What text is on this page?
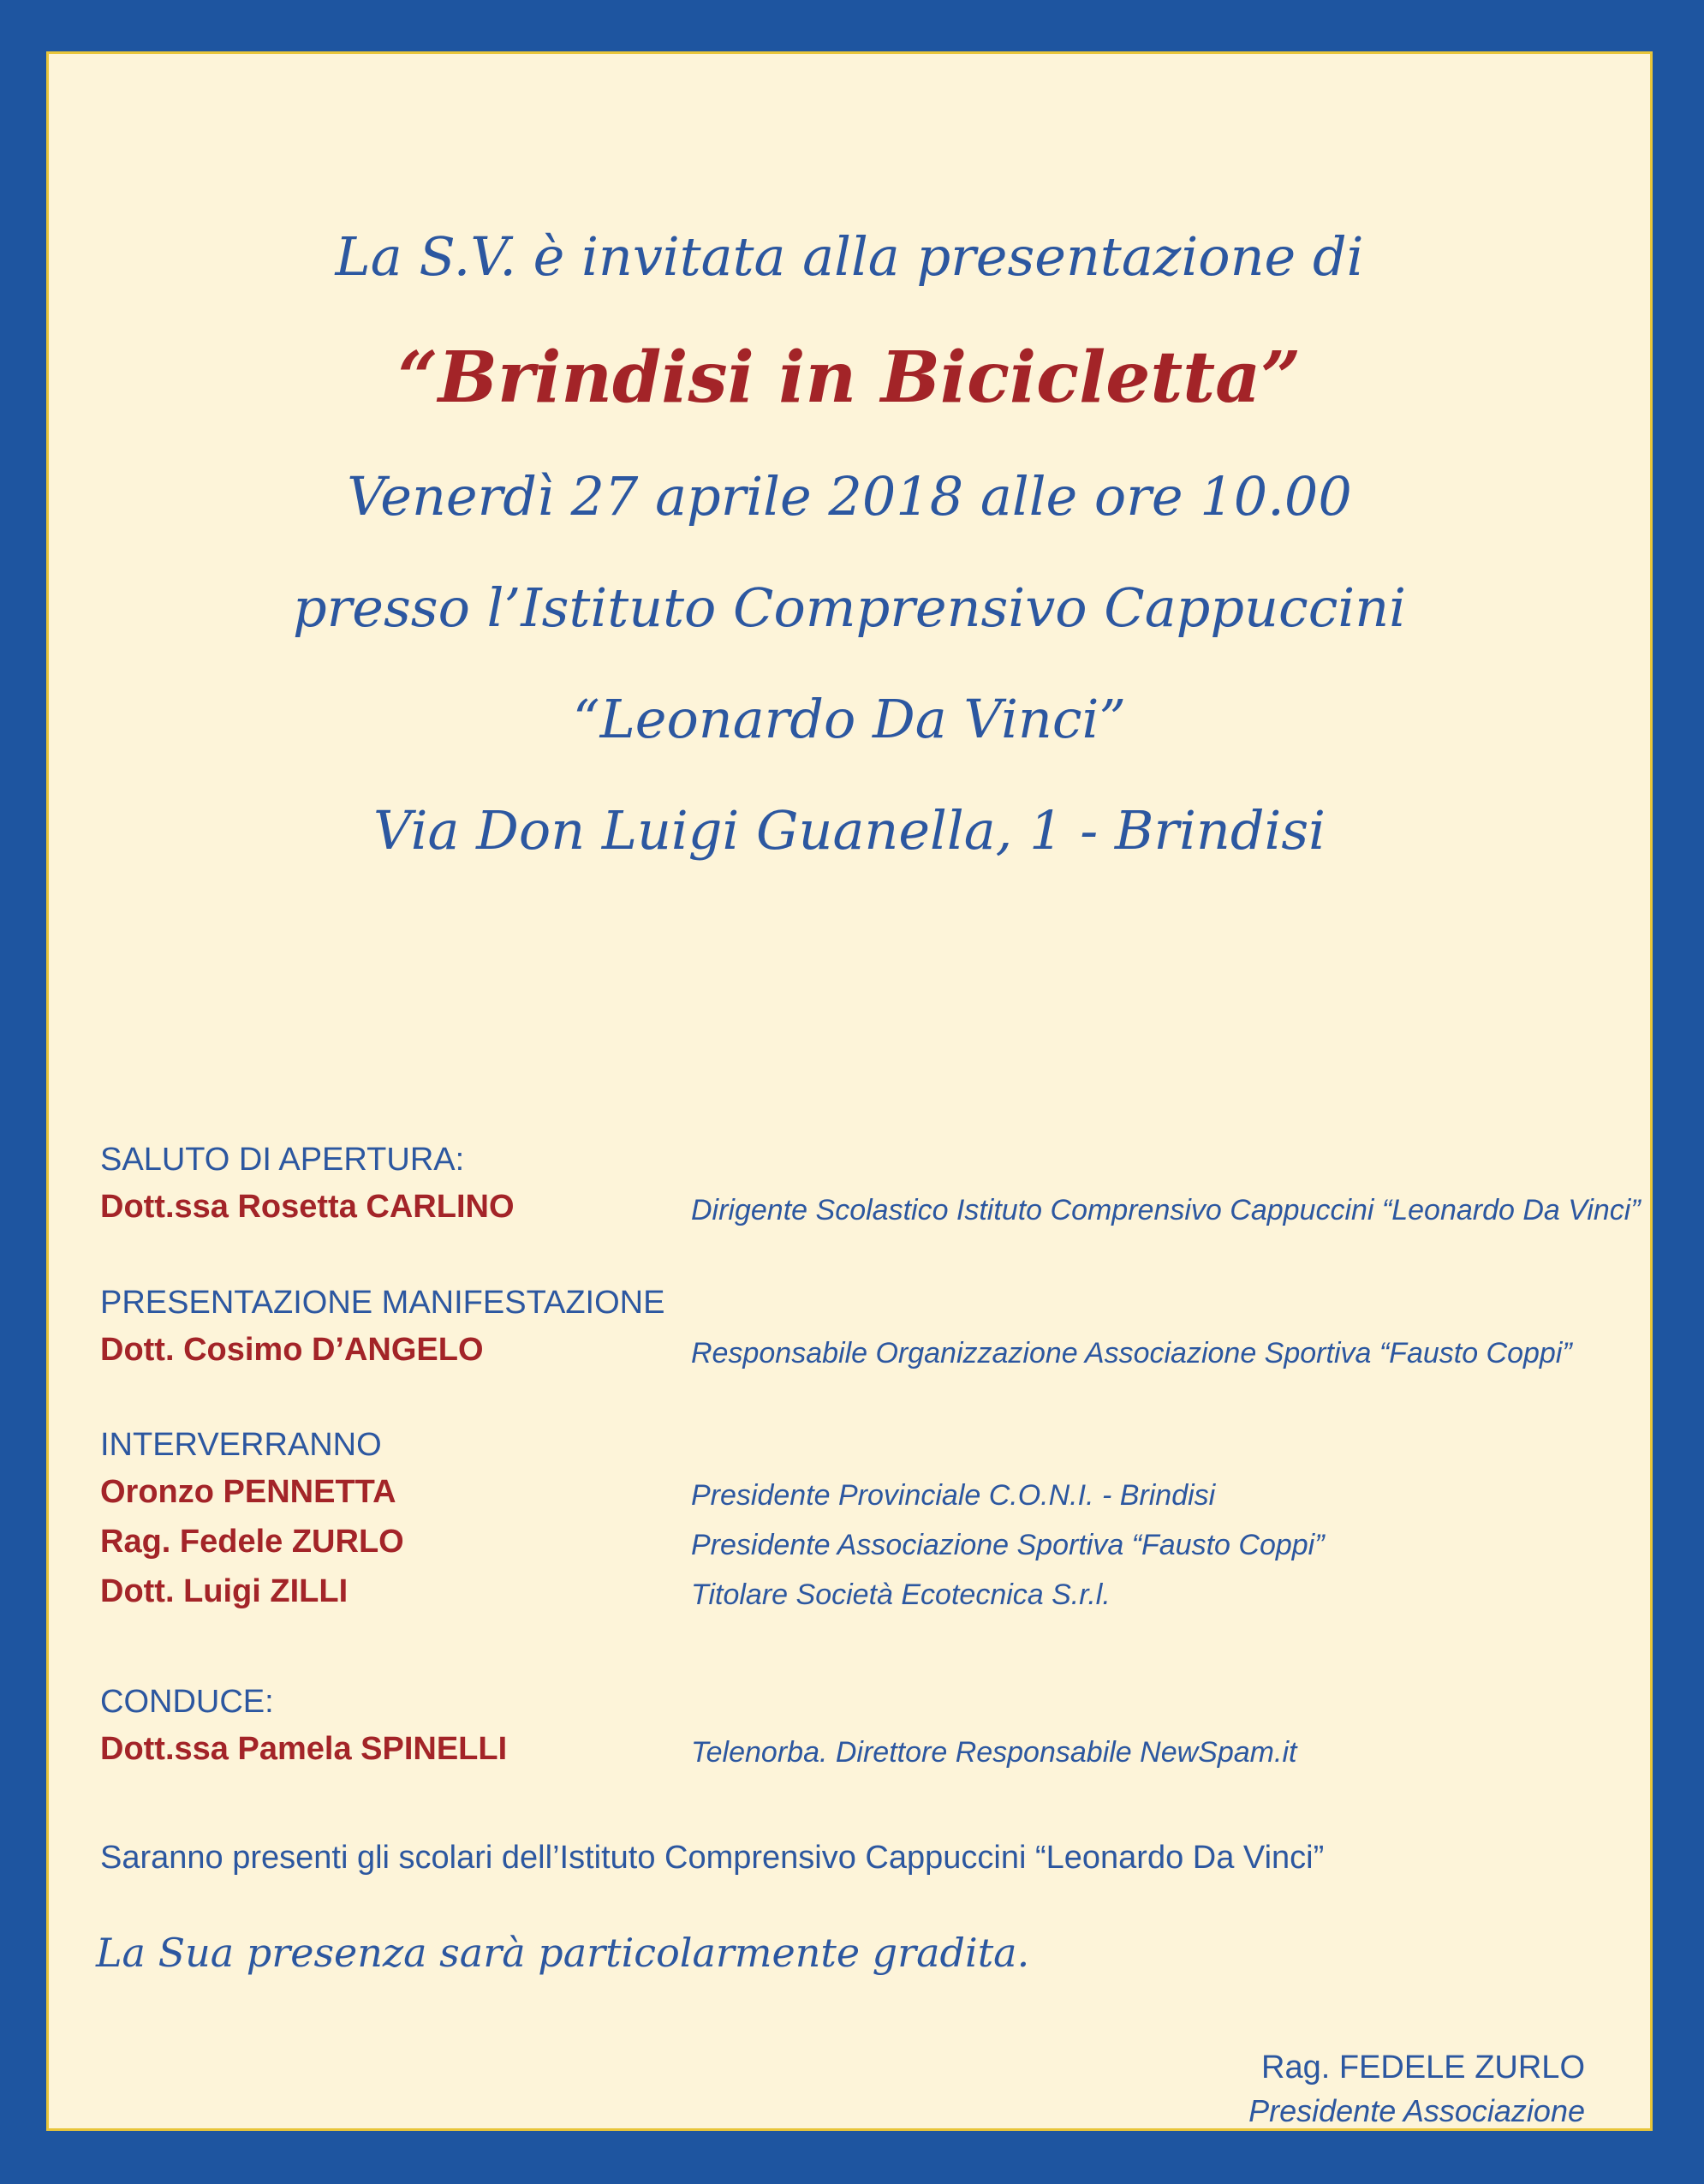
La S.V. è invitata alla presentazione di

“Brindisi in Bicicletta”

Venerdì 27 aprile 2018 alle ore 10.00

presso l’Istituto Comprensivo Cappuccini

“Leonardo Da Vinci”

Via Don Luigi Guanella, 1 - Brindisi

SALUTO DI APERTURA:
Dott.ssa Rosetta CARLINO	Dirigente Scolastico Istituto Comprensivo Cappuccini “Leonardo Da Vinci”
PRESENTAZIONE MANIFESTAZIONE
Dott. Cosimo D’ANGELO	Responsabile Organizzazione Associazione Sportiva “Fausto Coppi”
INTERVERRANNO
Oronzo PENNETTA	Presidente Provinciale C.O.N.I. - Brindisi
Rag. Fedele ZURLO	Presidente Associazione Sportiva “Fausto Coppi”
Dott. Luigi ZILLI	Titolare Società Ecotecnica S.r.l.
CONDUCE:
Dott.ssa Pamela SPINELLI	Telenorba. Direttore Responsabile NewSpam.it
Saranno presenti gli scolari dell’Istituto Comprensivo Cappuccini “Leonardo Da Vinci”
La Sua presenza sarà particolarmente gradita.
Rag. FEDELE ZURLO
Presidente Associazione
